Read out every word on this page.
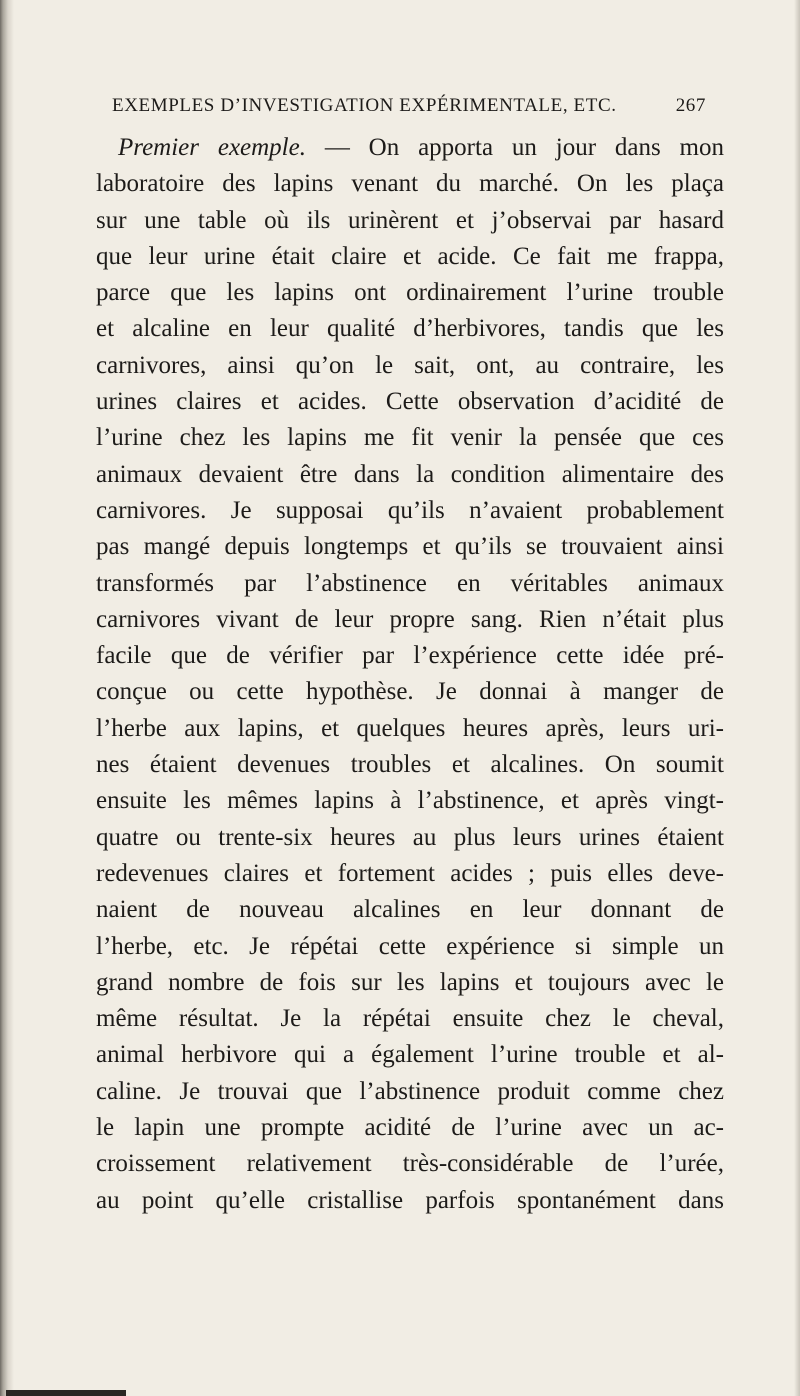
EXEMPLES D’INVESTIGATION EXPÉRIMENTALE, ETC.	267
Premier exemple. — On apporta un jour dans mon
laboratoire des lapins venant du marché. On les plaça
sur une table où ils urinèrent et j’observai par hasard
que leur urine était claire et acide. Ce fait me frappa,
parce que les lapins ont ordinairement l’urine trouble
et alcaline en leur qualité d’herbivores, tandis que les
carnivores, ainsi qu’on le sait, ont, au contraire, les
urines claires et acides. Cette observation d’acidité de
l’urine chez les lapins me fit venir la pensée que ces
animaux devaient être dans la condition alimentaire des
carnivores. Je supposai qu’ils n’avaient probablement
pas mangé depuis longtemps et qu’ils se trouvaient ainsi
transformés par l’abstinence en véritables animaux
carnivores vivant de leur propre sang. Rien n’était plus
facile que de vérifier par l’expérience cette idée pré-
conçue ou cette hypothèse. Je donnai à manger de
l’herbe aux lapins, et quelques heures après, leurs uri-
nes étaient devenues troubles et alcalines. On soumit
ensuite les mêmes lapins à l’abstinence, et après vingt-
quatre ou trente-six heures au plus leurs urines étaient
redevenues claires et fortement acides ; puis elles deve-
naient de nouveau alcalines en leur donnant de
l’herbe, etc. Je répétai cette expérience si simple un
grand nombre de fois sur les lapins et toujours avec le
même résultat. Je la répétai ensuite chez le cheval,
animal herbivore qui a également l’urine trouble et al-
caline. Je trouvai que l’abstinence produit comme chez
le lapin une prompte acidité de l’urine avec un ac-
croissement relativement très-considérable de l’urée,
au point qu’elle cristallise parfois spontanément dans
